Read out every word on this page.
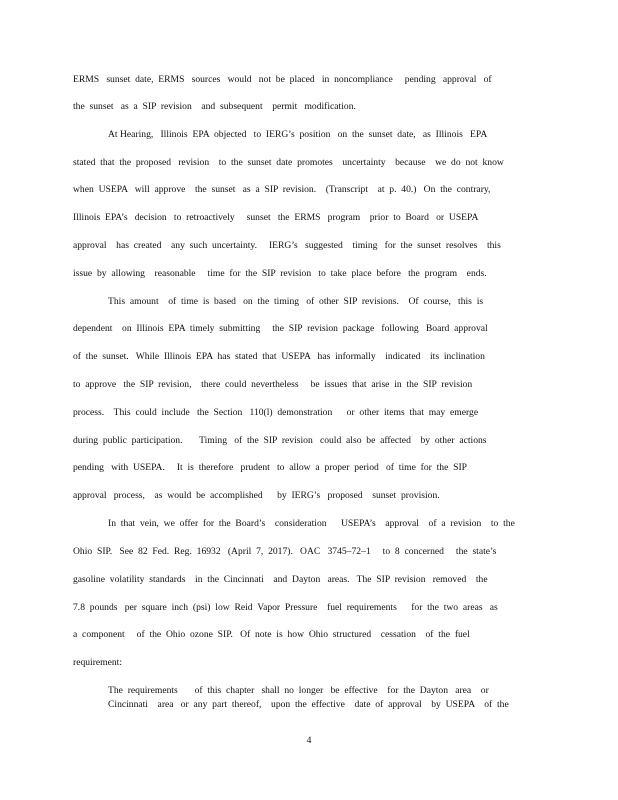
ERMS   sunset  date,  ERMS   sources   would   not  be  placed   in  noncompliance     pending   approval   of
the  sunset   as  a  SIP  revision    and  subsequent    permit   modification.
At Hearing,   Illinois  EPA  objected   to  IERG’s  position   on  the  sunset  date,   as  Illinois   EPA
stated  that  the  proposed   revision    to  the  sunset  date  promotes    uncertainty    because    we  do  not  know
when  USEPA   will  approve    the  sunset   as  a  SIP  revision.    (Transcript    at  p.  40.)   On  the  contrary,
Illinois  EPA’s   decision   to  retroactively     sunset   the  ERMS   program    prior  to  Board   or  USEPA
approval    has  created    any  such  uncertainty.     IERG’s   suggested    timing   for  the  sunset  resolves    this
issue  by  allowing    reasonable     time  for  the  SIP  revision   to  take  place  before   the  program    ends.
This  amount    of  time  is  based   on  the  timing   of  other  SIP  revisions.    Of  course,   this  is
dependent    on  Illinois  EPA  timely  submitting     the  SIP  revision  package   following   Board  approval
of  the  sunset.   While  Illinois  EPA  has  stated  that  USEPA   has  informally    indicated    its  inclination
to  approve   the  SIP  revision,    there  could  nevertheless     be  issues  that  arise  in  the  SIP  revision
process.    This  could  include   the  Section   110(l)  demonstration      or  other  items  that  may  emerge
during  public  participation.       Timing   of  the  SIP  revision   could  also  be  affected    by  other  actions
pending   with  USEPA.     It  is  therefore   prudent   to  allow  a  proper  period   of  time  for  the  SIP
approval   process,    as  would  be  accomplished      by  IERG’s   proposed    sunset  provision.
In  that  vein,  we  offer  for  the  Board’s    consideration      USEPA’s    approval    of  a  revision    to  the
Ohio  SIP.   See  82  Fed.  Reg.  16932   (April  7,  2017).   OAC   3745–72–1     to  8  concerned     the  state’s
gasoline  volatility  standards    in  the  Cincinnati    and  Dayton   areas.   The  SIP  revision   removed    the
7.8  pounds   per  square  inch  (psi)  low  Reid  Vapor  Pressure    fuel  requirements      for  the  two  areas   as
a  component     of  the  Ohio  ozone  SIP.   Of  note  is  how  Ohio  structured    cessation    of  the  fuel
requirement:
The  requirements       of  this  chapter   shall  no  longer   be  effective    for  the  Dayton   area    or
Cincinnati    area   or  any  part  thereof,    upon  the  effective    date  of  approval    by  USEPA    of  the
4
